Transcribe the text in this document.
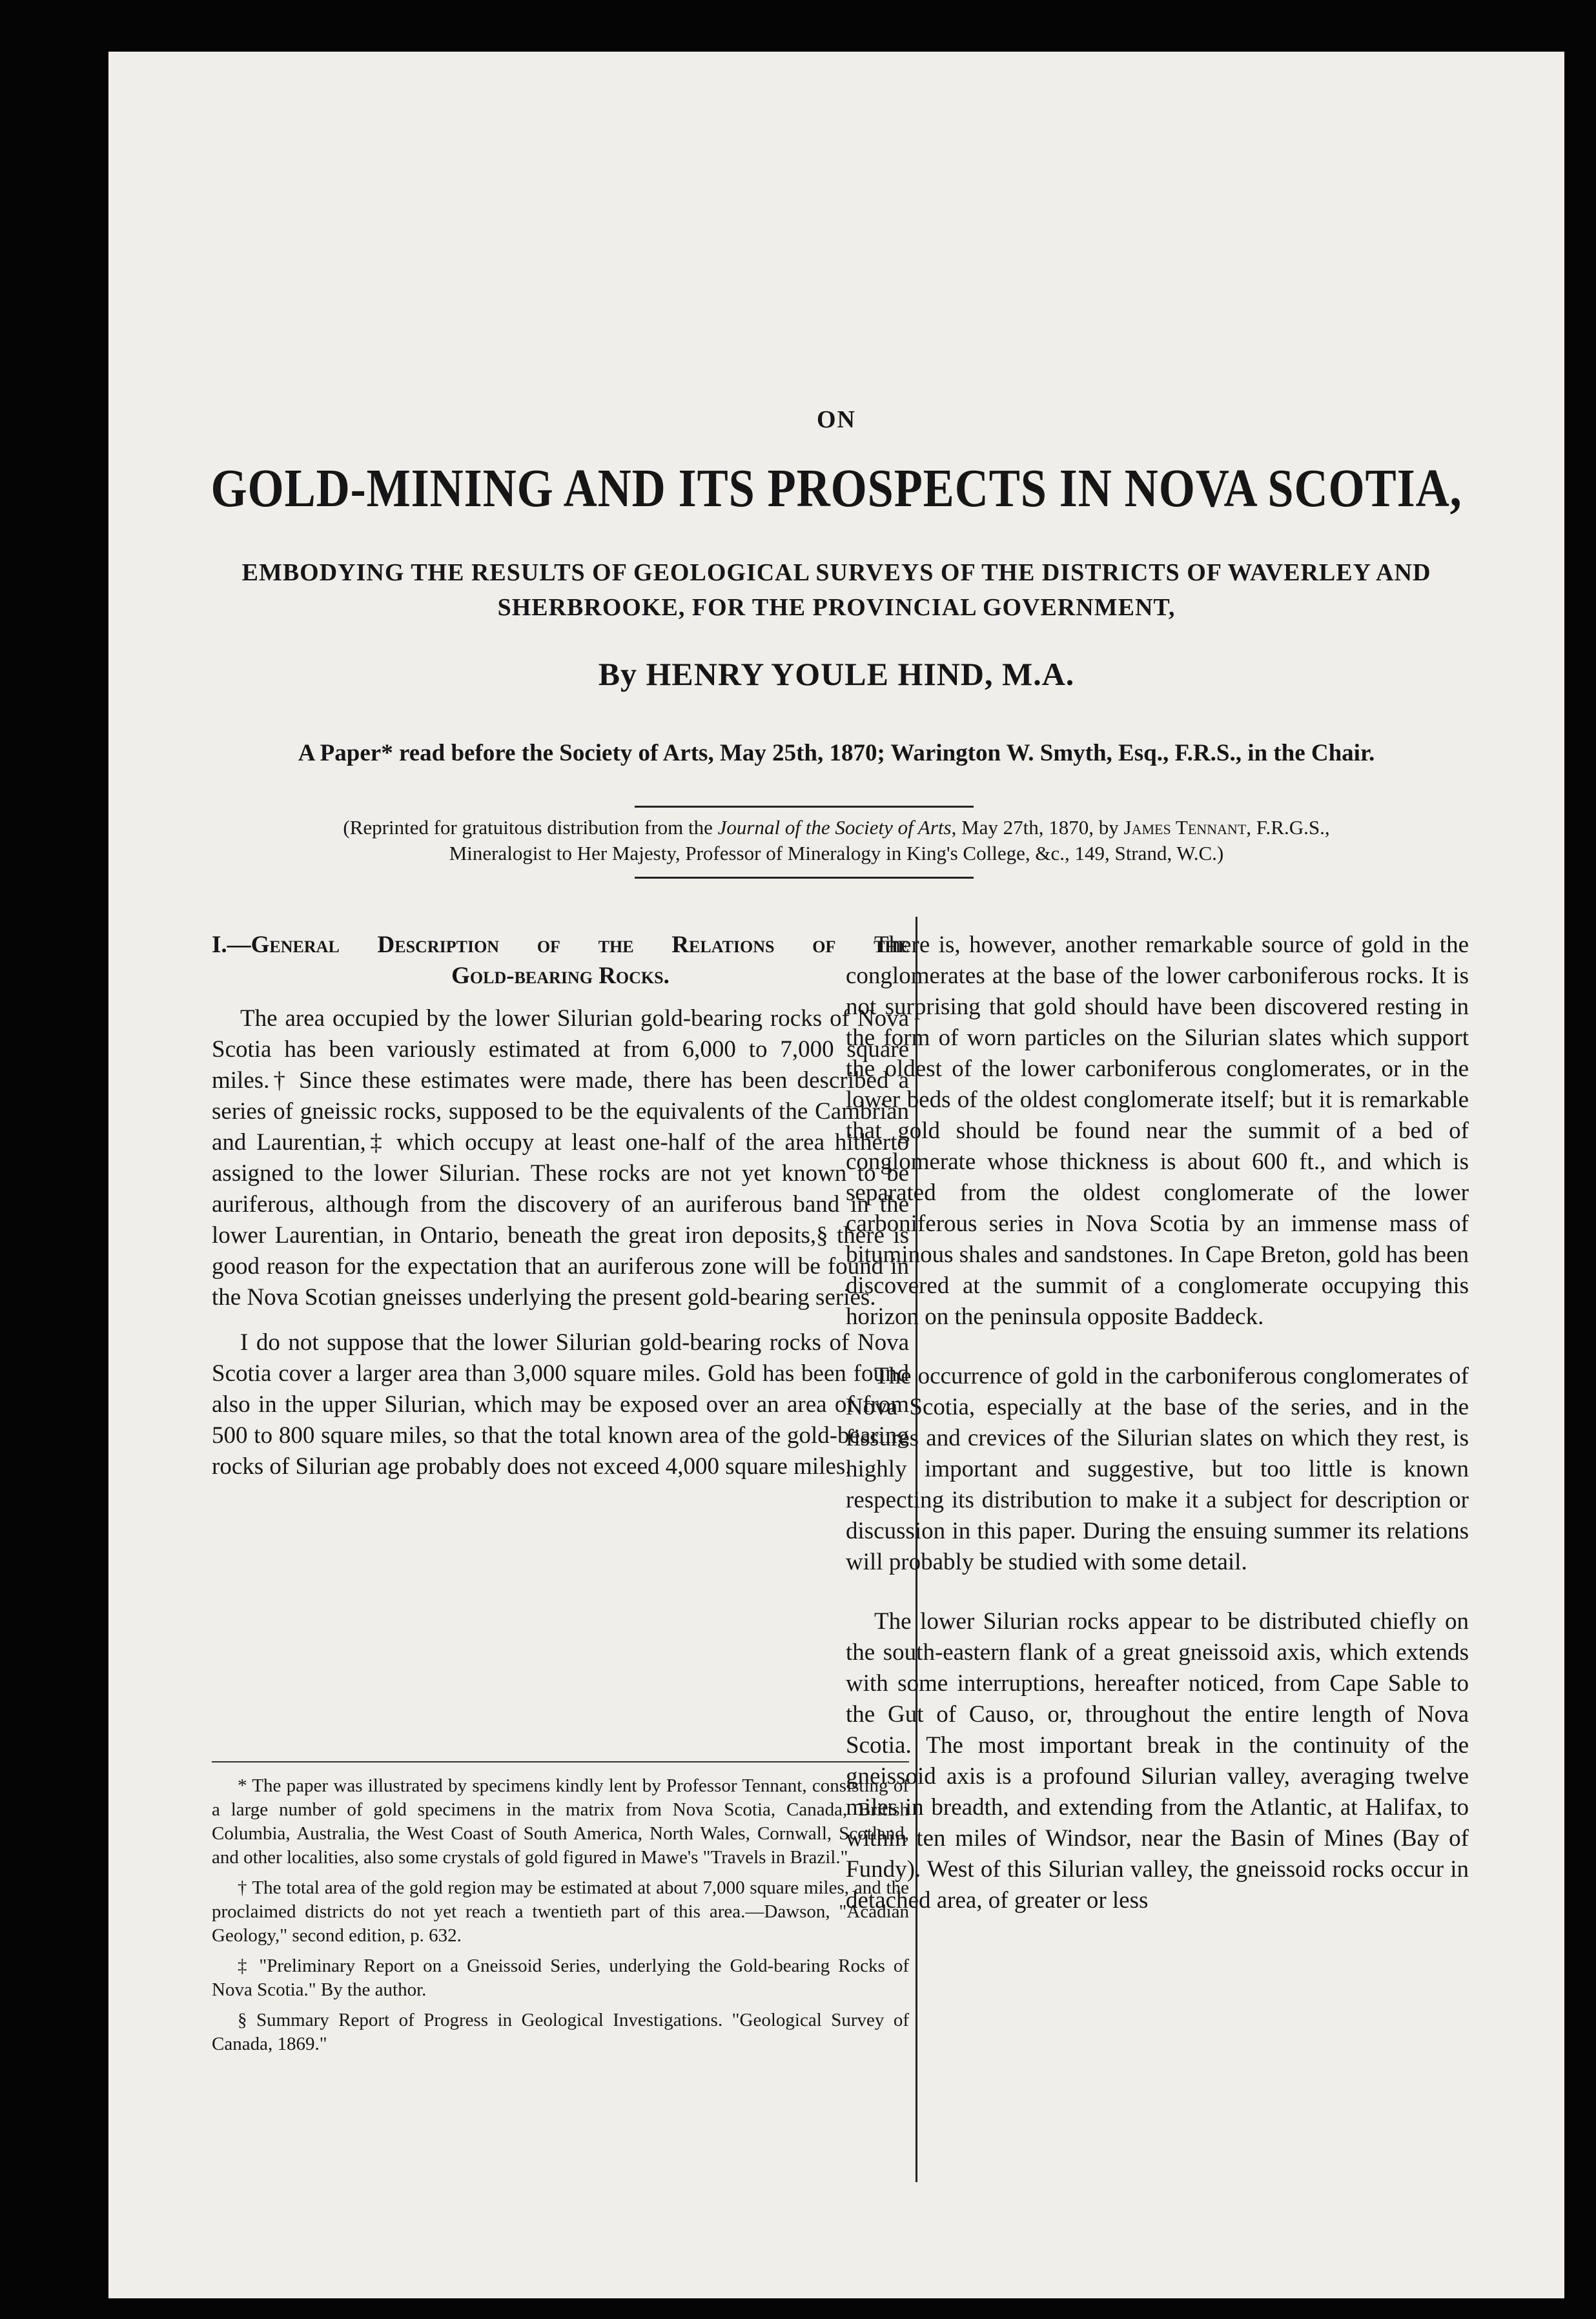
ON
GOLD-MINING AND ITS PROSPECTS IN NOVA SCOTIA,
EMBODYING THE RESULTS OF GEOLOGICAL SURVEYS OF THE DISTRICTS OF WAVERLEY AND SHERBROOKE, FOR THE PROVINCIAL GOVERNMENT,
By HENRY YOULE HIND, M.A.
A Paper* read before the Society of Arts, May 25th, 1870; Warington W. Smyth, Esq., F.R.S., in the Chair.
(Reprinted for gratuitous distribution from the Journal of the Society of Arts, May 27th, 1870, by James Tennant, F.R.G.S.,
Mineralogist to Her Majesty, Professor of Mineralogy in King's College, &c., 149, Strand, W.C.)
I.—General Description of the Relations of the
Gold-bearing Rocks.

The area occupied by the lower Silurian gold-bearing rocks of Nova Scotia has been variously estimated at from 6,000 to 7,000 square miles.† Since these estimates were made, there has been described a series of gneissic rocks, supposed to be the equivalents of the Cambrian and Laurentian,‡ which occupy at least one-half of the area hitherto assigned to the lower Silurian. These rocks are not yet known to be auriferous, although from the discovery of an auriferous band in the lower Laurentian, in Ontario, beneath the great iron deposits,§ there is good reason for the expectation that an auriferous zone will be found in the Nova Scotian gneisses underlying the present gold-bearing series.

I do not suppose that the lower Silurian gold-bearing rocks of Nova Scotia cover a larger area than 3,000 square miles. Gold has been found also in the upper Silurian, which may be exposed over an area of from 500 to 800 square miles, so that the total known area of the gold-bearing rocks of Silurian age probably does not exceed 4,000 square miles.

* The paper was illustrated by specimens kindly lent by Professor Tennant, consisting of a large number of gold specimens in the matrix from Nova Scotia, Canada, British Columbia, Australia, the West Coast of South America, North Wales, Cornwall, Scotland, and other localities, also some crystals of gold figured in Mawe's "Travels in Brazil."

† The total area of the gold region may be estimated at about 7,000 square miles, and the proclaimed districts do not yet reach a twentieth part of this area.—Dawson, "Acadian Geology," second edition, p. 632.

‡ "Preliminary Report on a Gneissoid Series, underlying the Gold-bearing Rocks of Nova Scotia." By the author.

§ Summary Report of Progress in Geological Investigations. "Geological Survey of Canada, 1869."

There is, however, another remarkable source of gold in the conglomerates at the base of the lower carboniferous rocks. It is not surprising that gold should have been discovered resting in the form of worn particles on the Silurian slates which support the oldest of the lower carboniferous conglomerates, or in the lower beds of the oldest conglomerate itself; but it is remarkable that gold should be found near the summit of a bed of conglomerate whose thickness is about 600 ft., and which is separated from the oldest conglomerate of the lower carboniferous series in Nova Scotia by an immense mass of bituminous shales and sandstones. In Cape Breton, gold has been discovered at the summit of a conglomerate occupying this horizon on the peninsula opposite Baddeck.

The occurrence of gold in the carboniferous conglomerates of Nova Scotia, especially at the base of the series, and in the fissures and crevices of the Silurian slates on which they rest, is highly important and suggestive, but too little is known respecting its distribution to make it a subject for description or discussion in this paper. During the ensuing summer its relations will probably be studied with some detail.

The lower Silurian rocks appear to be distributed chiefly on the south-eastern flank of a great gneissoid axis, which extends with some interruptions, hereafter noticed, from Cape Sable to the Gut of Causo, or, throughout the entire length of Nova Scotia. The most important break in the continuity of the gneissoid axis is a profound Silurian valley, averaging twelve miles in breadth, and extending from the Atlantic, at Halifax, to within ten miles of Windsor, near the Basin of Mines (Bay of Fundy). West of this Silurian valley, the gneissoid rocks occur in detached area, of greater or less
